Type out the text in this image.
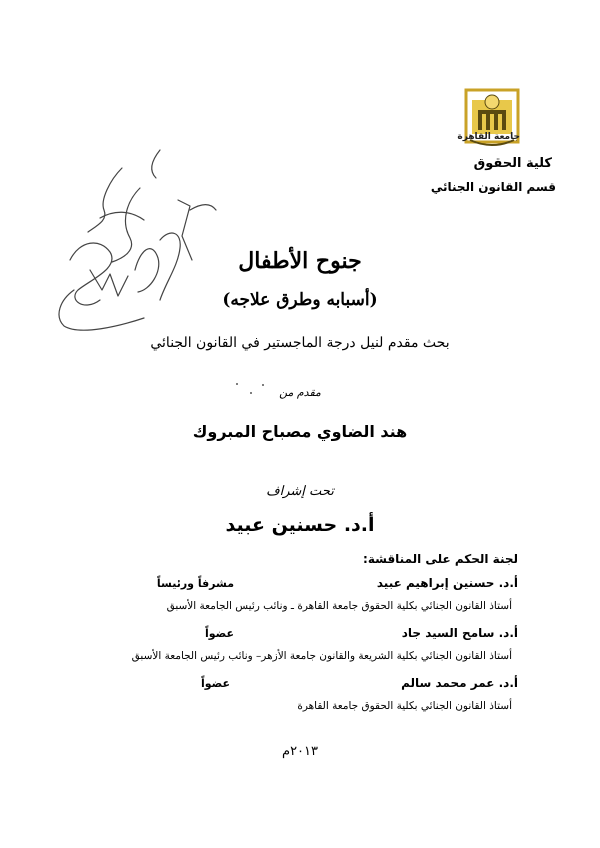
جامعة القاهرة
كلية الحقوق
قسم القانون الجنائي
جنوح الأطفال
(أسبابه وطرق علاجه)
بحث مقدم لنيل درجة الماجستير في القانون الجنائي
مقدم من
هند الضاوي مصباح المبروك
تحت إشراف
أ.د. حسنين عبيد
لجنة الحكم على المناقشة:
أ.د. حسنين إبراهيم عبيد
مشرفاً ورئيساً
أستاذ القانون الجنائي بكلية الحقوق جامعة القاهرة ـ ونائب رئيس الجامعة الأسبق
أ.د. سامح السيد جاد
عضواً
أستاذ القانون الجنائي بكلية الشريعة والقانون جامعة الأزهر– ونائب رئيس الجامعة الأسبق
أ.د. عمر محمد سالم
عضواً
أستاذ القانون الجنائي بكلية الحقوق جامعة القاهرة
٢٠١٣م
